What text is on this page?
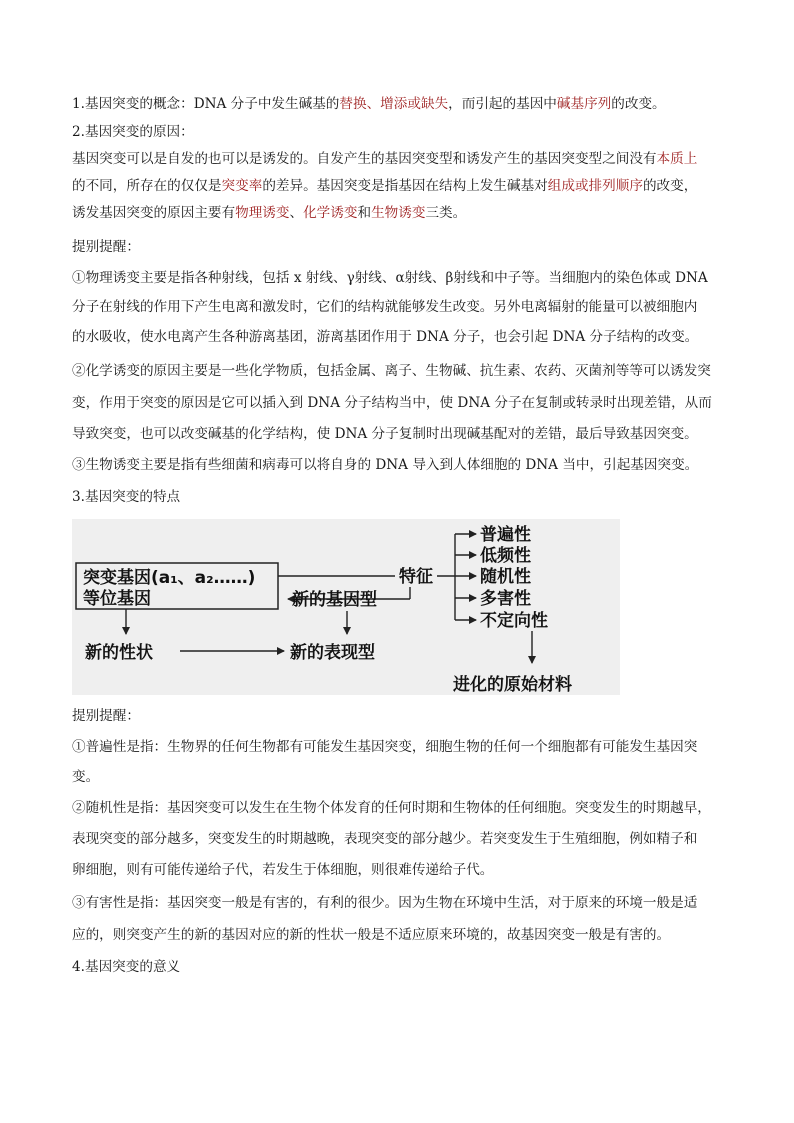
1.基因突变的概念：DNA 分子中发生碱基的替换、增添或缺失，而引起的基因中碱基序列的改变。
2.基因突变的原因：
基因突变可以是自发的也可以是诱发的。自发产生的基因突变型和诱发产生的基因突变型之间没有本质上
的不同，所存在的仅仅是突变率的差异。基因突变是指基因在结构上发生碱基对组成或排列顺序的改变，
诱发基因突变的原因主要有物理诱变、化学诱变和生物诱变三类。
提别提醒：
①物理诱变主要是指各种射线，包括 x 射线、γ射线、α射线、β射线和中子等。当细胞内的染色体或 DNA
分子在射线的作用下产生电离和激发时，它们的结构就能够发生改变。另外电离辐射的能量可以被细胞内
的水吸收，使水电离产生各种游离基团，游离基团作用于 DNA 分子，也会引起 DNA 分子结构的改变。
②化学诱变的原因主要是一些化学物质，包括金属、离子、生物碱、抗生素、农药、灭菌剂等等可以诱发突
变，作用于突变的原因是它可以插入到 DNA 分子结构当中，使 DNA 分子在复制或转录时出现差错，从而
导致突变，也可以改变碱基的化学结构，使 DNA 分子复制时出现碱基配对的差错，最后导致基因突变。
③生物诱变主要是指有些细菌和病毒可以将自身的 DNA 导入到人体细胞的 DNA 当中，引起基因突变。
3.基因突变的特点
突变基因(a₁、a₂……)
等位基因
特征
新的基因型
普遍性
低频性
随机性
多害性
不定向性
进化的原始材料
新的性状	新的表现型
提别提醒：
①普遍性是指：生物界的任何生物都有可能发生基因突变，细胞生物的任何一个细胞都有可能发生基因突
变。
②随机性是指：基因突变可以发生在生物个体发育的任何时期和生物体的任何细胞。突变发生的时期越早，
表现突变的部分越多，突变发生的时期越晚，表现突变的部分越少。若突变发生于生殖细胞，例如精子和
卵细胞，则有可能传递给子代，若发生于体细胞，则很难传递给子代。
③有害性是指：基因突变一般是有害的，有利的很少。因为生物在环境中生活，对于原来的环境一般是适
应的，则突变产生的新的基因对应的新的性状一般是不适应原来环境的，故基因突变一般是有害的。
4.基因突变的意义
